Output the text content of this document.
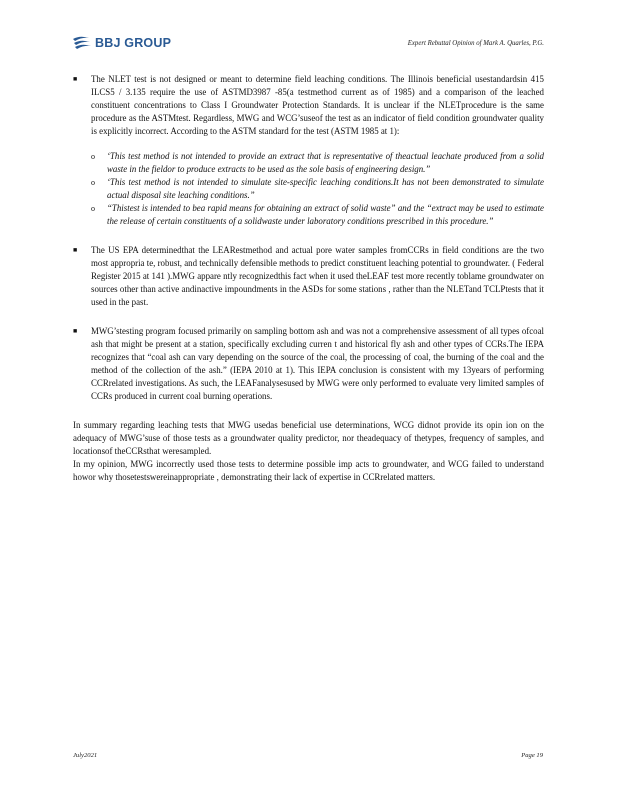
BBJ GROUP	Expert Rebuttal Opinion of Mark A. Quarles, P.G.
■	The NLET test is not designed or meant to determine field leaching conditions. The Illinois beneficial usestandardsin 415 ILCS5 / 3.135 require the use of ASTMD3987 -85(a testmethod current as of 1985) and a comparison of the leached constituent concentrations to Class I Groundwater Protection Standards. It is unclear if the NLETprocedure is the same procedure as the ASTMtest. Regardless, MWG and WCG’suseof the test as an indicator of field condition groundwater quality is explicitly incorrect. According to the ASTM standard for the test (ASTM 1985 at 1):
o	‘This test method is not intended to provide an extract that is representative of theactual leachate produced from a solid waste in the fieldor to produce extracts to be used as the sole basis of engineering design.”
o	‘This test method is not intended to simulate site-specific leaching conditions.It has not been demonstrated to simulate actual disposal site leaching conditions.”
o	“Thistest is intended to bea rapid means for obtaining an extract of solid waste” and the “extract may be used to estimate the release of certain constituents of a solidwaste under laboratory conditions prescribed in this procedure.”
■	The US EPA determinedthat the LEARestmethod and actual pore water samples fromCCRs in field conditions are the two most appropria te, robust, and technically defensible methods to predict constituent leaching potential to groundwater. ( Federal Register 2015 at 141 ).MWG appare ntly recognizedthis fact when it used theLEAF test more recently toblame groundwater on sources other than active andinactive impoundments in the ASDs for some stations , rather than the NLETand TCLPtests that it used in the past.
■	MWG’stesting program focused primarily on sampling bottom ash and was not a comprehensive assessment of all types ofcoal ash that might be present at a station, specifically excluding curren t and historical fly ash and other types of CCRs.The IEPA recognizes that “coal ash can vary depending on the source of the coal, the processing of coal, the burning of the coal and the method of the collection of the ash.” (IEPA 2010 at 1). This IEPA conclusion is consistent with my 13years of performing CCRrelated investigations. As such, the LEAFanalysesused by MWG were only performed to evaluate very limited samples of CCRs produced in current coal burning operations.

In summary regarding leaching tests that MWG usedas beneficial use determinations, WCG didnot provide its opin ion on the adequacy of MWG’suse of those tests as a groundwater quality predictor, nor theadequacy of thetypes, frequency of samples, and locationsof theCCRsthat weresampled.

In my opinion, MWG incorrectly used those tests to determine possible imp acts to groundwater, and WCG failed to understand howor why thosetestswereinappropriate , demonstrating their lack of expertise in CCRrelated matters.

July2021	Page 19
